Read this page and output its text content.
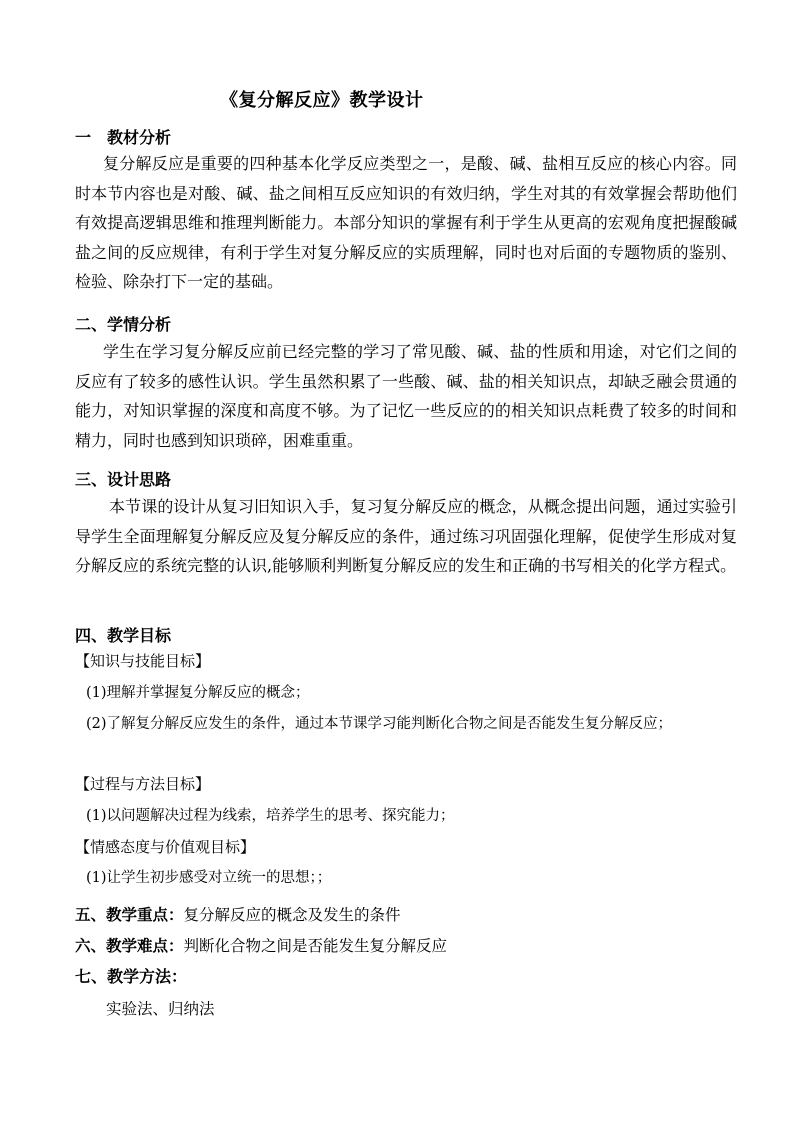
《复分解反应》教学设计
一　教材分析
复分解反应是重要的四种基本化学反应类型之一，是酸、碱、盐相互反应的核心内容。同时本节内容也是对酸、碱、盐之间相互反应知识的有效归纳，学生对其的有效掌握会帮助他们有效提高逻辑思维和推理判断能力。本部分知识的掌握有利于学生从更高的宏观角度把握酸碱盐之间的反应规律，有利于学生对复分解反应的实质理解，同时也对后面的专题物质的鉴别、检验、除杂打下一定的基础。
二、学情分析
学生在学习复分解反应前已经完整的学习了常见酸、碱、盐的性质和用途，对它们之间的反应有了较多的感性认识。学生虽然积累了一些酸、碱、盐的相关知识点，却缺乏融会贯通的能力，对知识掌握的深度和高度不够。为了记忆一些反应的的相关知识点耗费了较多的时间和精力，同时也感到知识琐碎，困难重重。
三、设计思路
本节课的设计从复习旧知识入手，复习复分解反应的概念，从概念提出问题，通过实验引导学生全面理解复分解反应及复分解反应的条件，通过练习巩固强化理解，促使学生形成对复分解反应的系统完整的认识,能够顺利判断复分解反应的发生和正确的书写相关的化学方程式。
四、教学目标
【知识与技能目标】
(1)理解并掌握复分解反应的概念；
(2)了解复分解反应发生的条件，通过本节课学习能判断化合物之间是否能发生复分解反应；
【过程与方法目标】
(1)以问题解决过程为线索，培养学生的思考、探究能力；
【情感态度与价值观目标】
(1)让学生初步感受对立统一的思想；；
五、教学重点：复分解反应的概念及发生的条件
六、教学难点：判断化合物之间是否能发生复分解反应
七、教学方法：
实验法、归纳法
